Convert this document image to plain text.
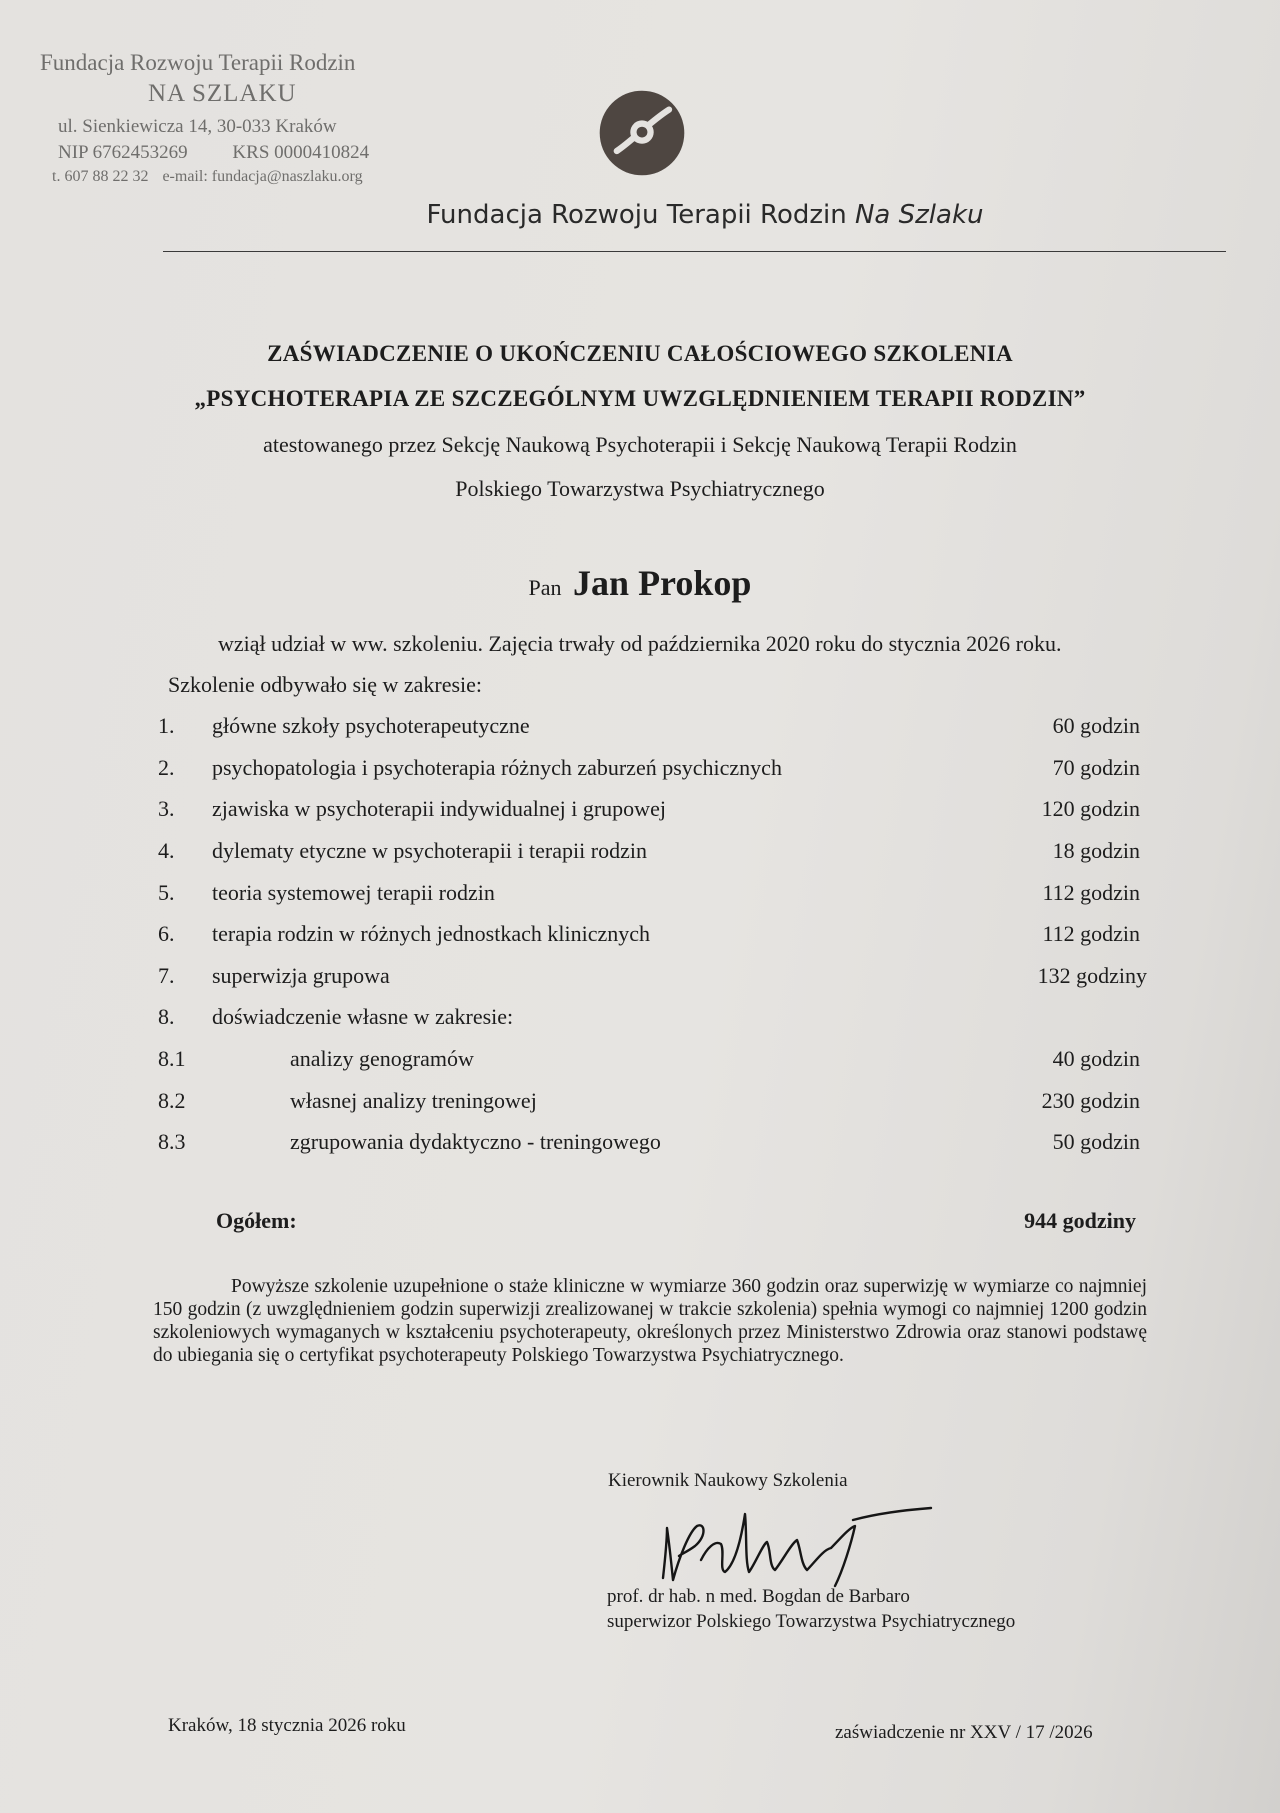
Fundacja Rozwoju Terapii Rodzin
NA SZLAKU
ul. Sienkiewicza 14, 30-033 Kraków
NIP 6762453269 KRS 0000410824
t. 607 88 22 32 e-mail: fundacja@naszlaku.org
Fundacja Rozwoju Terapii Rodzin Na Szlaku
ZAŚWIADCZENIE O UKOŃCZENIU CAŁOŚCIOWEGO SZKOLENIA
„PSYCHOTERAPIA ZE SZCZEGÓLNYM UWZGLĘDNIENIEM TERAPII RODZIN”
atestowanego przez Sekcję Naukową Psychoterapii i Sekcję Naukową Terapii Rodzin
Polskiego Towarzystwa Psychiatrycznego
Pan Jan Prokop
wziął udział w ww. szkoleniu. Zajęcia trwały od października 2020 roku do stycznia 2026 roku.
Szkolenie odbywało się w zakresie:
1. główne szkoły psychoterapeutyczne	60 godzin
2. psychopatologia i psychoterapia różnych zaburzeń psychicznych	70 godzin
3. zjawiska w psychoterapii indywidualnej i grupowej	120 godzin
4. dylematy etyczne w psychoterapii i terapii rodzin	18 godzin
5. teoria systemowej terapii rodzin	112 godzin
6. terapia rodzin w różnych jednostkach klinicznych	112 godzin
7. superwizja grupowa	132 godziny
8. doświadczenie własne w zakresie:
8.1	analizy genogramów	40 godzin
8.2	własnej analizy treningowej	230 godzin
8.3	zgrupowania dydaktyczno - treningowego	50 godzin
Ogółem:	944 godziny
Powyższe szkolenie uzupełnione o staże kliniczne w wymiarze 360 godzin oraz superwizję w wymiarze co najmniej 150 godzin (z uwzględnieniem godzin superwizji zrealizowanej w trakcie szkolenia) spełnia wymogi co najmniej 1200 godzin szkoleniowych wymaganych w kształceniu psychoterapeuty, określonych przez Ministerstwo Zdrowia oraz stanowi podstawę do ubiegania się o certyfikat psychoterapeuty Polskiego Towarzystwa Psychiatrycznego.
Kierownik Naukowy Szkolenia
prof. dr hab. n med. Bogdan de Barbaro
superwizor Polskiego Towarzystwa Psychiatrycznego
Kraków, 18 stycznia 2026 roku	zaświadczenie nr XXV / 17 /2026
